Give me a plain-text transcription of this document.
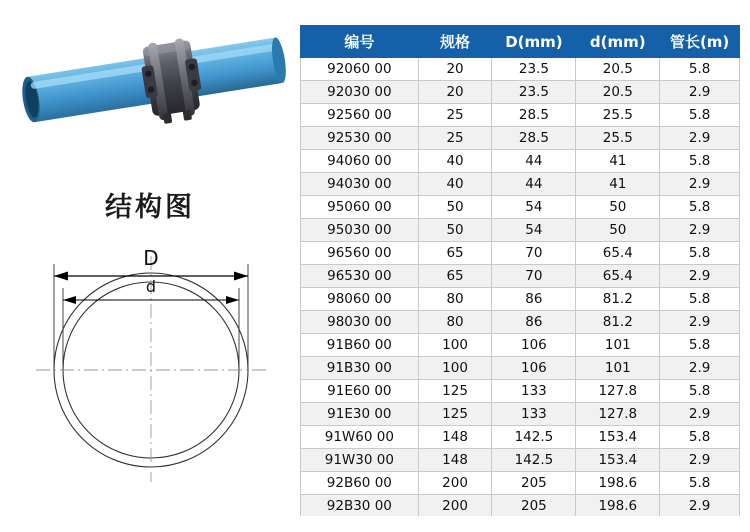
结构图
D
d
编号	规格	D(mm)	d(mm)	管长(m)
92060 00	20	23.5	20.5	5.8
92030 00	20	23.5	20.5	2.9
92560 00	25	28.5	25.5	5.8
92530 00	25	28.5	25.5	2.9
94060 00	40	44	41	5.8
94030 00	40	44	41	2.9
95060 00	50	54	50	5.8
95030 00	50	54	50	2.9
96560 00	65	70	65.4	5.8
96530 00	65	70	65.4	2.9
98060 00	80	86	81.2	5.8
98030 00	80	86	81.2	2.9
91B60 00	100	106	101	5.8
91B30 00	100	106	101	2.9
91E60 00	125	133	127.8	5.8
91E30 00	125	133	127.8	2.9
91W60 00	148	142.5	153.4	5.8
91W30 00	148	142.5	153.4	2.9
92B60 00	200	205	198.6	5.8
92B30 00	200	205	198.6	2.9
